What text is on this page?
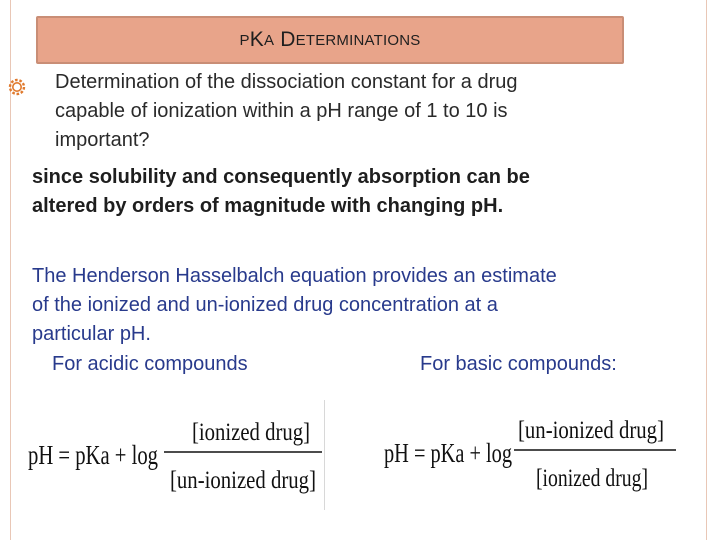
P K A
D ETERMINATIONS
Determination of the dissociation constant for a drug
capable of ionization within a pH range of 1 to 10 is
important?
since solubility and consequently absorption can be
altered by orders of magnitude with changing pH.
The Henderson Hasselbalch equation provides an estimate
of the ionized and un-ionized drug concentration at a
particular pH.
For acidic compounds	For basic compounds:
pH = pKa + log
[ionized drug]
[un-ionized drug]
pH = pKa + log
[un-ionized drug]
[ionized drug]
